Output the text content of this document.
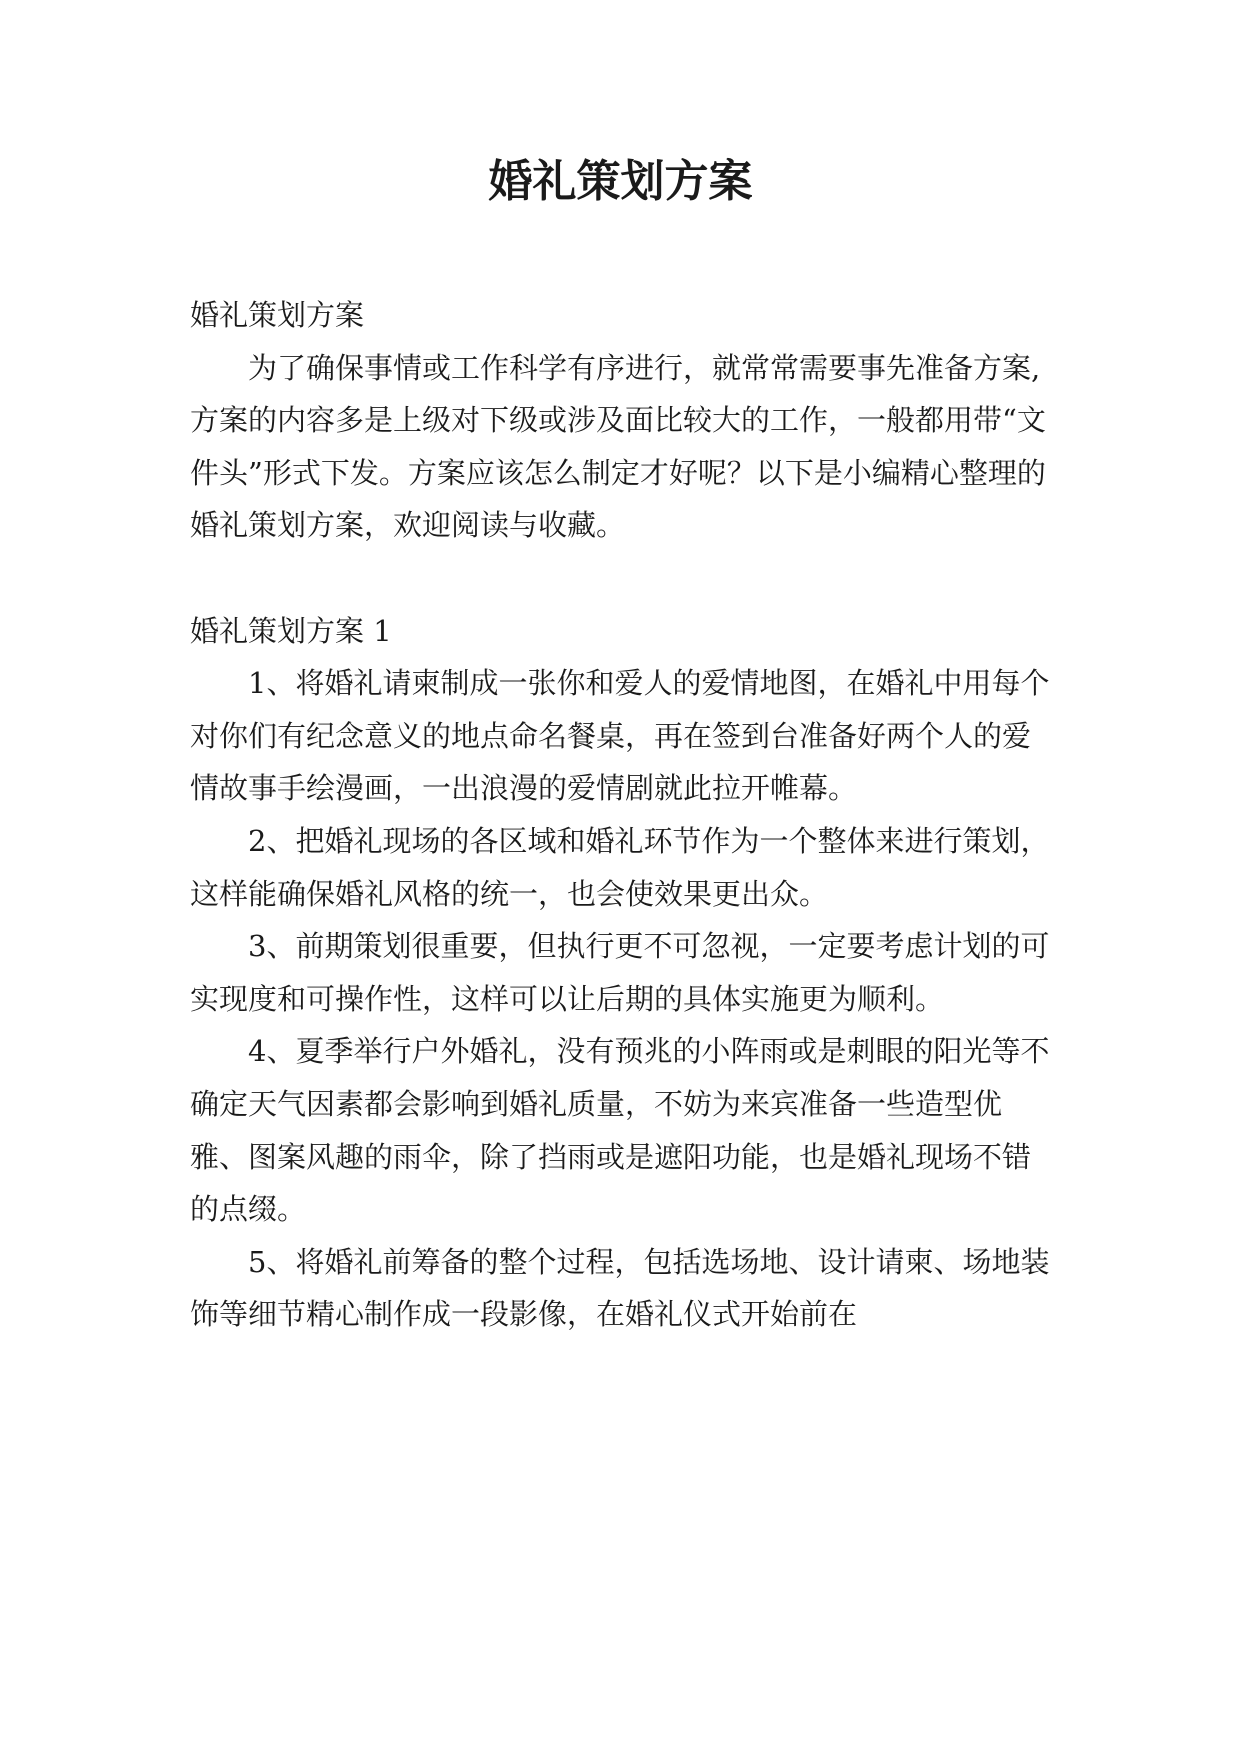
婚礼策划方案

婚礼策划方案

为了确保事情或工作科学有序进行，就常常需要事先准备方案,方案的内容多是上级对下级或涉及面比较大的工作，一般都用带“文件头”形式下发。方案应该怎么制定才好呢？以下是小编精心整理的婚礼策划方案，欢迎阅读与收藏。

婚礼策划方案 1

1、将婚礼请柬制成一张你和爱人的爱情地图，在婚礼中用每个对你们有纪念意义的地点命名餐桌，再在签到台准备好两个人的爱情故事手绘漫画，一出浪漫的爱情剧就此拉开帷幕。

2、把婚礼现场的各区域和婚礼环节作为一个整体来进行策划，这样能确保婚礼风格的统一，也会使效果更出众。

3、前期策划很重要，但执行更不可忽视，一定要考虑计划的可实现度和可操作性，这样可以让后期的具体实施更为顺利。

4、夏季举行户外婚礼，没有预兆的小阵雨或是刺眼的阳光等不确定天气因素都会影响到婚礼质量，不妨为来宾准备一些造型优雅、图案风趣的雨伞，除了挡雨或是遮阳功能，也是婚礼现场不错的点缀。

5、将婚礼前筹备的整个过程，包括选场地、设计请柬、场地装饰等细节精心制作成一段影像，在婚礼仪式开始前在
